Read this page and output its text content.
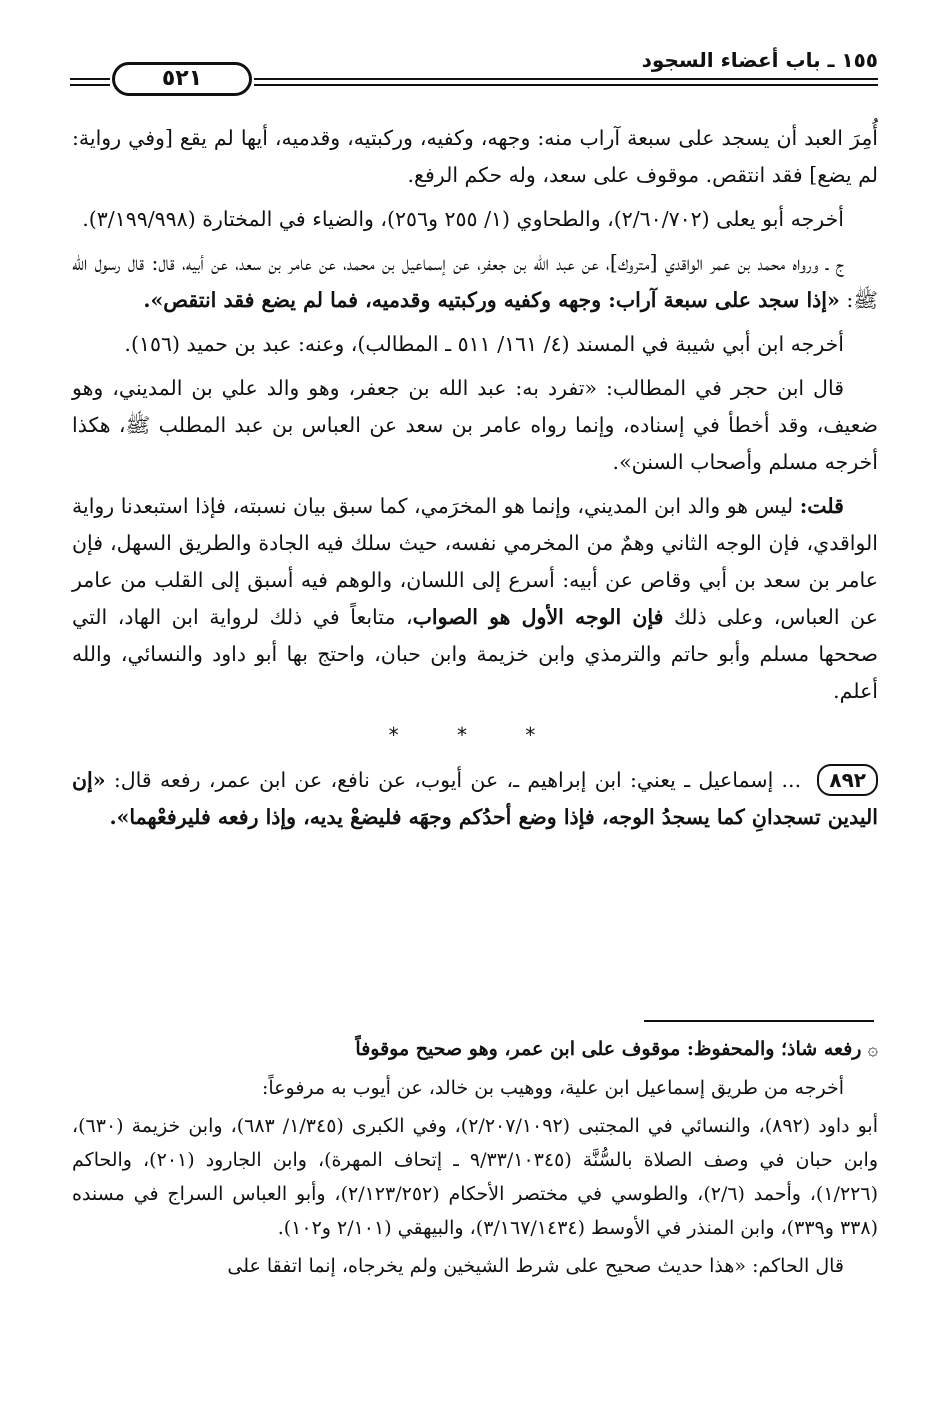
١٥٥ ـ باب أعضاء السجود
٥٢١

أُمِرَ العبد أن يسجد على سبعة آراب منه: وجهه، وكفيه، وركبتيه، وقدميه، أيها لم يقع [وفي رواية: لم يضع] فقد انتقص. موقوف على سعد، وله حكم الرفع.

أخرجه أبو يعلى (٢/٦٠/٧٠٢)، والطحاوي (١/ ٢٥٥ و٢٥٦)، والضياء في المختارة (٣/١٩٩/٩٩٨).

ج ـ ورواه محمد بن عمر الواقدي [متروك]، عن عبد الله بن جعفر، عن إسماعيل بن محمد، عن عامر بن سعد، عن أبيه، قال: قال رسول الله ﷺ: «إذا سجد على سبعة آراب: وجهه وكفيه وركبتيه وقدميه، فما لم يضع فقد انتقص».

أخرجه ابن أبي شيبة في المسند (٤/ ١٦١/ ٥١١ ـ المطالب)، وعنه: عبد بن حميد (١٥٦).

قال ابن حجر في المطالب: «تفرد به: عبد الله بن جعفر، وهو والد علي بن المديني، وهو ضعيف، وقد أخطأ في إسناده، وإنما رواه عامر بن سعد عن العباس بن عبد المطلب ﷺ، هكذا أخرجه مسلم وأصحاب السنن».

قلت: ليس هو والد ابن المديني، وإنما هو المخرَمي، كما سبق بيان نسبته، فإذا استبعدنا رواية الواقدي، فإن الوجه الثاني وهمٌ من المخرمي نفسه، حيث سلك فيه الجادة والطريق السهل، فإن عامر بن سعد بن أبي وقاص عن أبيه: أسرع إلى اللسان، والوهم فيه أسبق إلى القلب من عامر عن العباس، وعلى ذلك فإن الوجه الأول هو الصواب، متابعاً في ذلك لرواية ابن الهاد، التي صححها مسلم وأبو حاتم والترمذي وابن خزيمة وابن حبان، واحتج بها أبو داود والنسائي، والله أعلم.

* * *

٨٩٢ ... إسماعيل ـ يعني: ابن إبراهيم ـ، عن أيوب، عن نافع، عن ابن عمر، رفعه قال: «إن اليدين تسجدانِ كما يسجدُ الوجه، فإذا وضع أحدُكم وجهَه فليضعْ يديه، وإذا رفعه فليرفعْهما».

۞رفعه شاذ؛ والمحفوظ: موقوف على ابن عمر، وهو صحيح موقوفاً

أخرجه من طريق إسماعيل ابن علية، ووهيب بن خالد، عن أيوب به مرفوعاً:

أبو داود (٨٩٢)، والنسائي في المجتبى (٢/٢٠٧/١٠٩٢)، وفي الكبرى (١/٣٤٥/ ٦٨٣)، وابن خزيمة (٦٣٠)، وابن حبان في وصف الصلاة بالسُّنَّة (٩/٣٣/١٠٣٤٥ ـ إتحاف المهرة)، وابن الجارود (٢٠١)، والحاكم (١/٢٢٦)، وأحمد (٢/٦)، والطوسي في مختصر الأحكام (٢/١٢٣/٢٥٢)، وأبو العباس السراج في مسنده (٣٣٨ و٣٣٩)، وابن المنذر في الأوسط (٣/١٦٧/١٤٣٤)، والبيهقي (٢/١٠١ و١٠٢).

قال الحاكم: «هذا حديث صحيح على شرط الشيخين ولم يخرجاه، إنما اتفقا على
